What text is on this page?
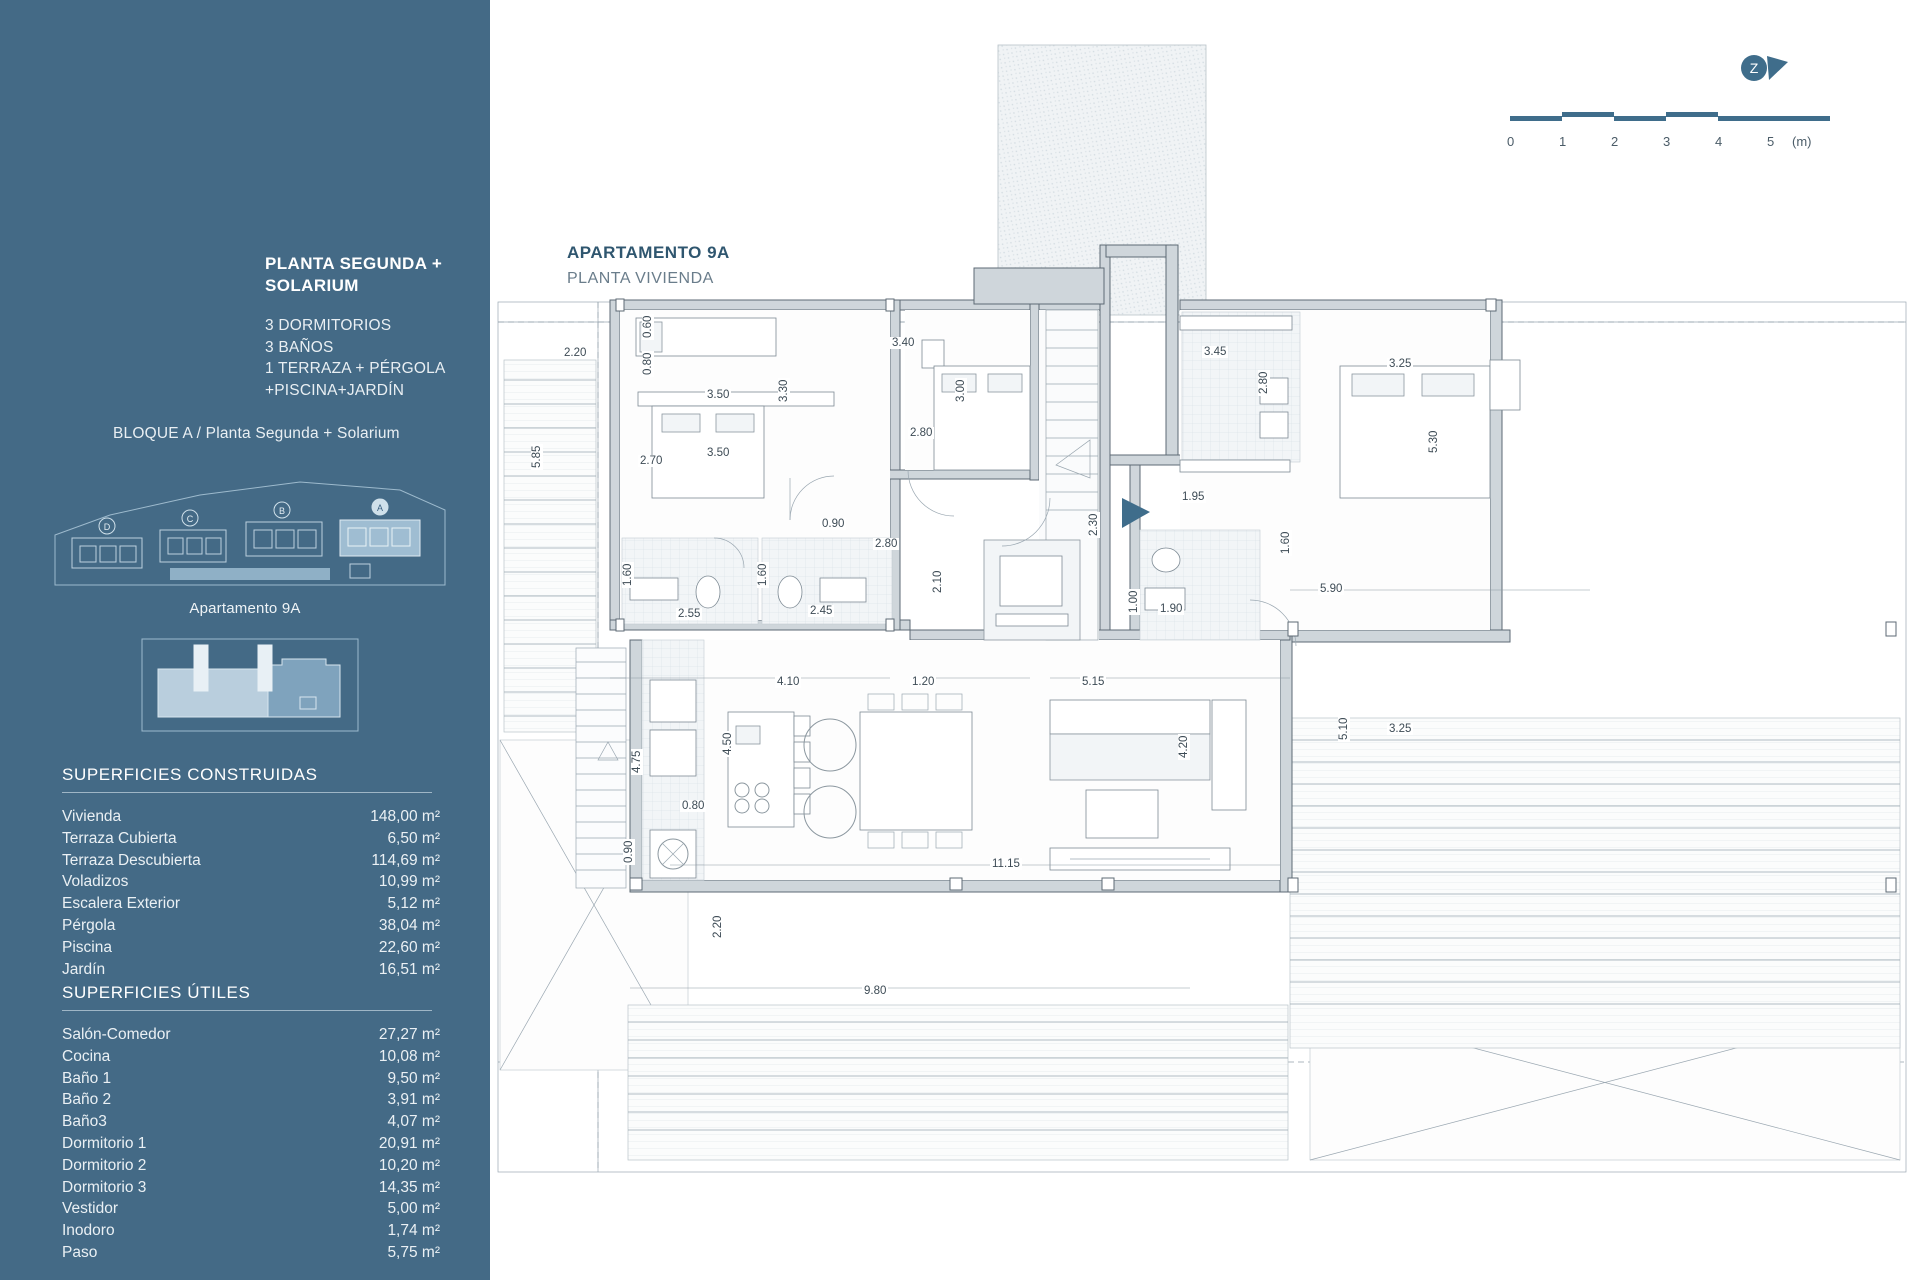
PLANTA SEGUNDA + SOLARIUM
3 DORMITORIOS
3 BAÑOS
1 TERRAZA + PÉRGOLA
+PISCINA+JARDÍN
BLOQUE A / Planta Segunda + Solarium
D
C
B	A
Apartamento 9A
SUPERFICIES CONSTRUIDAS
Vivienda	148,00 m²
Terraza Cubierta	6,50 m²
Terraza Descubierta	114,69 m²
Voladizos	10,99 m²
Escalera Exterior	5,12 m²
Pérgola	38,04 m²
Piscina	22,60 m²
Jardín	16,51 m²
SUPERFICIES ÚTILES
Salón-Comedor	27,27 m²
Cocina	10,08 m²
Baño 1	9,50 m²
Baño 2	3,91 m²
Baño3	4,07 m²
Dormitorio 1	20,91 m²
Dormitorio 2	10,20 m²
Dormitorio 3	14,35 m²
Vestidor	5,00 m²
Inodoro	1,74 m²
Paso	5,75 m²
APARTAMENTO 9A
PLANTA VIVIENDA
Z
0	1	2	3	4	5 (m)
2.20
0.60
0.80
3.50
3.50
2.70
5.85
3.30
3.40
2.80
3.00
0.90
2.80
1.60	1.60
2.55	2.45
2.10
1.00 1.90
3.45
2.80
3.25
5.30
1.95
2.30
1.60
5.90
4.10	1.20	5.15
4.50
4.75
0.80
0.90
4.20
5.10	3.25
11.15
2.20
9.80
